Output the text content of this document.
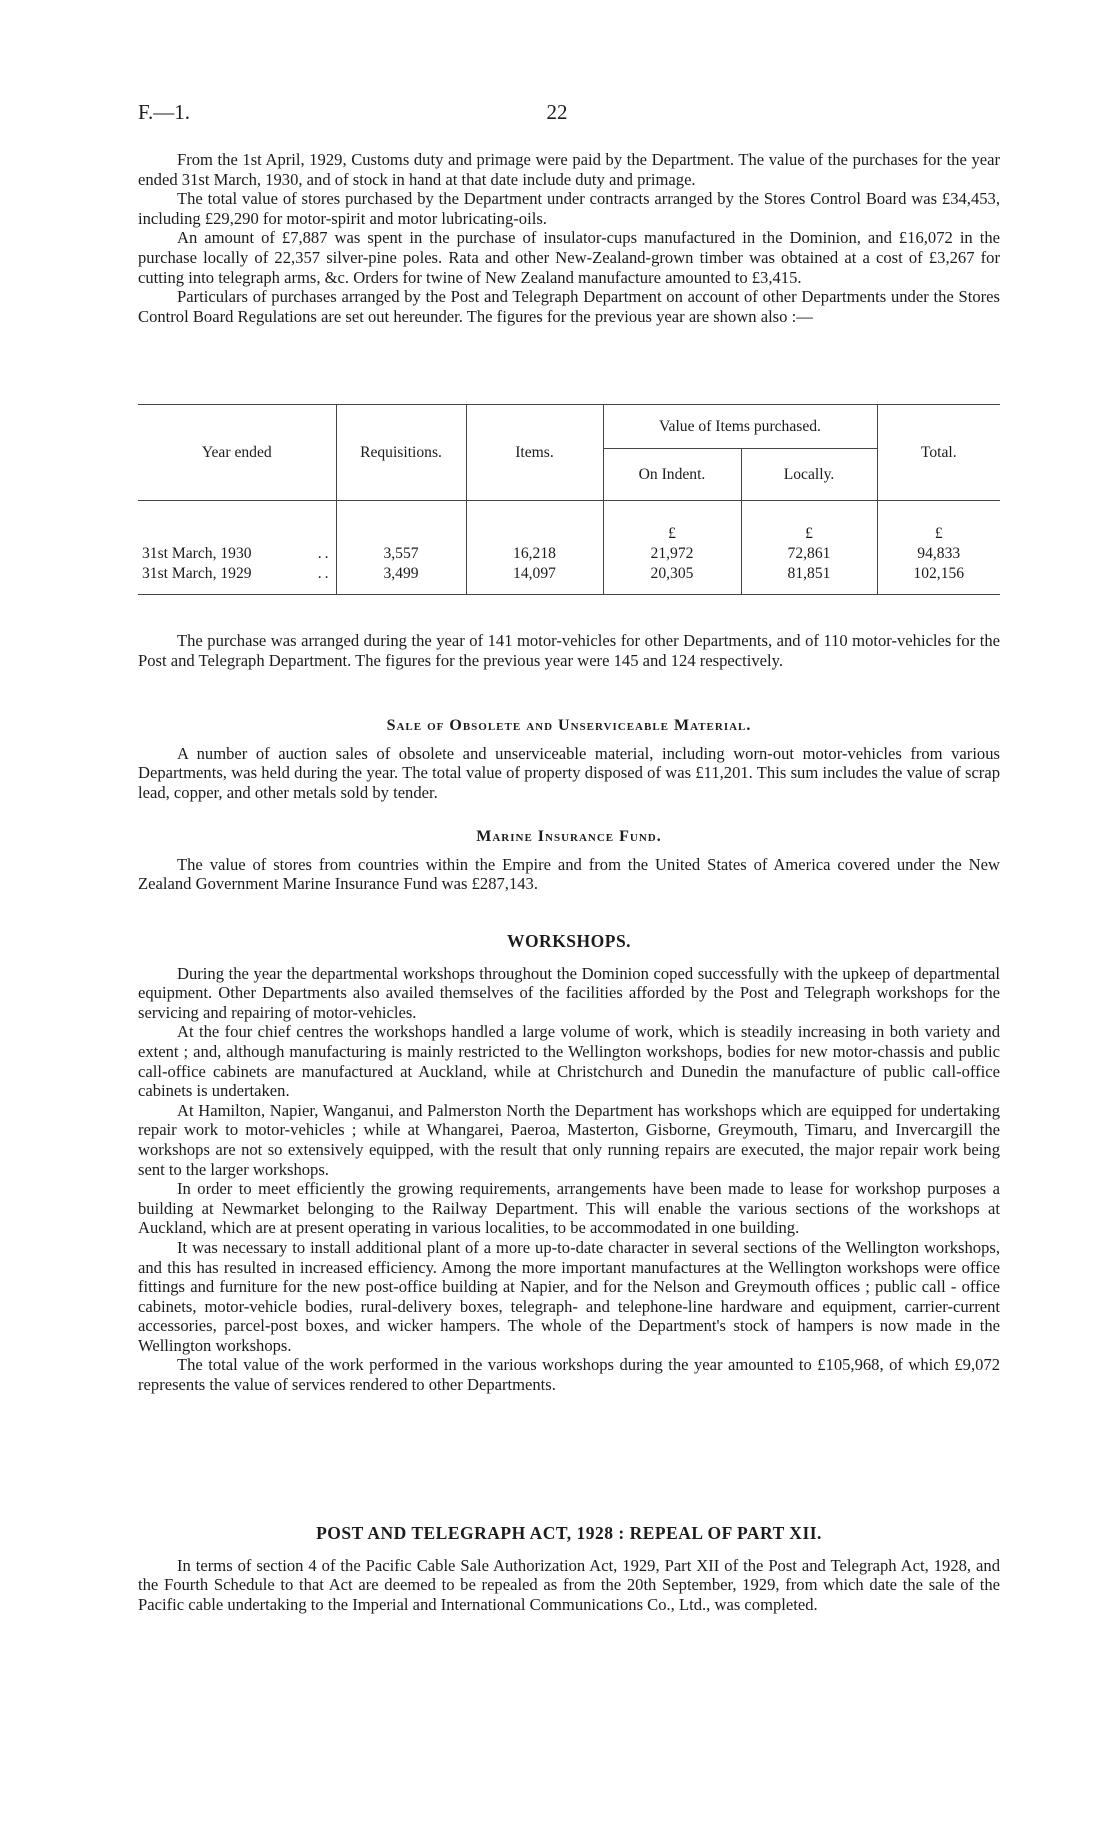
F.—1.	22

From the 1st April, 1929, Customs duty and primage were paid by the Department. The value of the purchases for the year ended 31st March, 1930, and of stock in hand at that date include duty and primage.

The total value of stores purchased by the Department under contracts arranged by the Stores Control Board was £34,453, including £29,290 for motor-spirit and motor lubricating-oils.

An amount of £7,887 was spent in the purchase of insulator-cups manufactured in the Dominion, and £16,072 in the purchase locally of 22,357 silver-pine poles. Rata and other New-Zealand-grown timber was obtained at a cost of £3,267 for cutting into telegraph arms, &c. Orders for twine of New Zealand manufacture amounted to £3,415.

Particulars of purchases arranged by the Post and Telegraph Department on account of other Departments under the Stores Control Board Regulations are set out hereunder. The figures for the previous year are shown also :—

Year ended	Requisitions.	Items.	Value of Items purchased.		Total.
			On Indent.	Locally.	
			£	£	£
31st March, 1930 ..	3,557	16,218	21,972	72,861	94,833
31st March, 1929 ..	3,499	14,097	20,305	81,851	102,156

The purchase was arranged during the year of 141 motor-vehicles for other Departments, and of 110 motor-vehicles for the Post and Telegraph Department. The figures for the previous year were 145 and 124 respectively.

Sale of Obsolete and Unserviceable Material.

A number of auction sales of obsolete and unserviceable material, including worn-out motor-vehicles from various Departments, was held during the year. The total value of property disposed of was £11,201. This sum includes the value of scrap lead, copper, and other metals sold by tender.

Marine Insurance Fund.

The value of stores from countries within the Empire and from the United States of America covered under the New Zealand Government Marine Insurance Fund was £287,143.

WORKSHOPS.

During the year the departmental workshops throughout the Dominion coped successfully with the upkeep of departmental equipment. Other Departments also availed themselves of the facilities afforded by the Post and Telegraph workshops for the servicing and repairing of motor-vehicles.

At the four chief centres the workshops handled a large volume of work, which is steadily increasing in both variety and extent ; and, although manufacturing is mainly restricted to the Wellington workshops, bodies for new motor-chassis and public call-office cabinets are manufactured at Auckland, while at Christchurch and Dunedin the manufacture of public call-office cabinets is undertaken.

At Hamilton, Napier, Wanganui, and Palmerston North the Department has workshops which are equipped for undertaking repair work to motor-vehicles ; while at Whangarei, Paeroa, Masterton, Gisborne, Greymouth, Timaru, and Invercargill the workshops are not so extensively equipped, with the result that only running repairs are executed, the major repair work being sent to the larger workshops.

In order to meet efficiently the growing requirements, arrangements have been made to lease for workshop purposes a building at Newmarket belonging to the Railway Department. This will enable the various sections of the workshops at Auckland, which are at present operating in various localities, to be accommodated in one building.

It was necessary to install additional plant of a more up-to-date character in several sections of the Wellington workshops, and this has resulted in increased efficiency. Among the more important manufactures at the Wellington workshops were office fittings and furniture for the new post-office building at Napier, and for the Nelson and Greymouth offices ; public call - office cabinets, motor-vehicle bodies, rural-delivery boxes, telegraph- and telephone-line hardware and equipment, carrier-current accessories, parcel-post boxes, and wicker hampers. The whole of the Department's stock of hampers is now made in the Wellington workshops.

The total value of the work performed in the various workshops during the year amounted to £105,968, of which £9,072 represents the value of services rendered to other Departments.

POST AND TELEGRAPH ACT, 1928 : REPEAL OF PART XII.

In terms of section 4 of the Pacific Cable Sale Authorization Act, 1929, Part XII of the Post and Telegraph Act, 1928, and the Fourth Schedule to that Act are deemed to be repealed as from the 20th September, 1929, from which date the sale of the Pacific cable undertaking to the Imperial and International Communications Co., Ltd., was completed.
